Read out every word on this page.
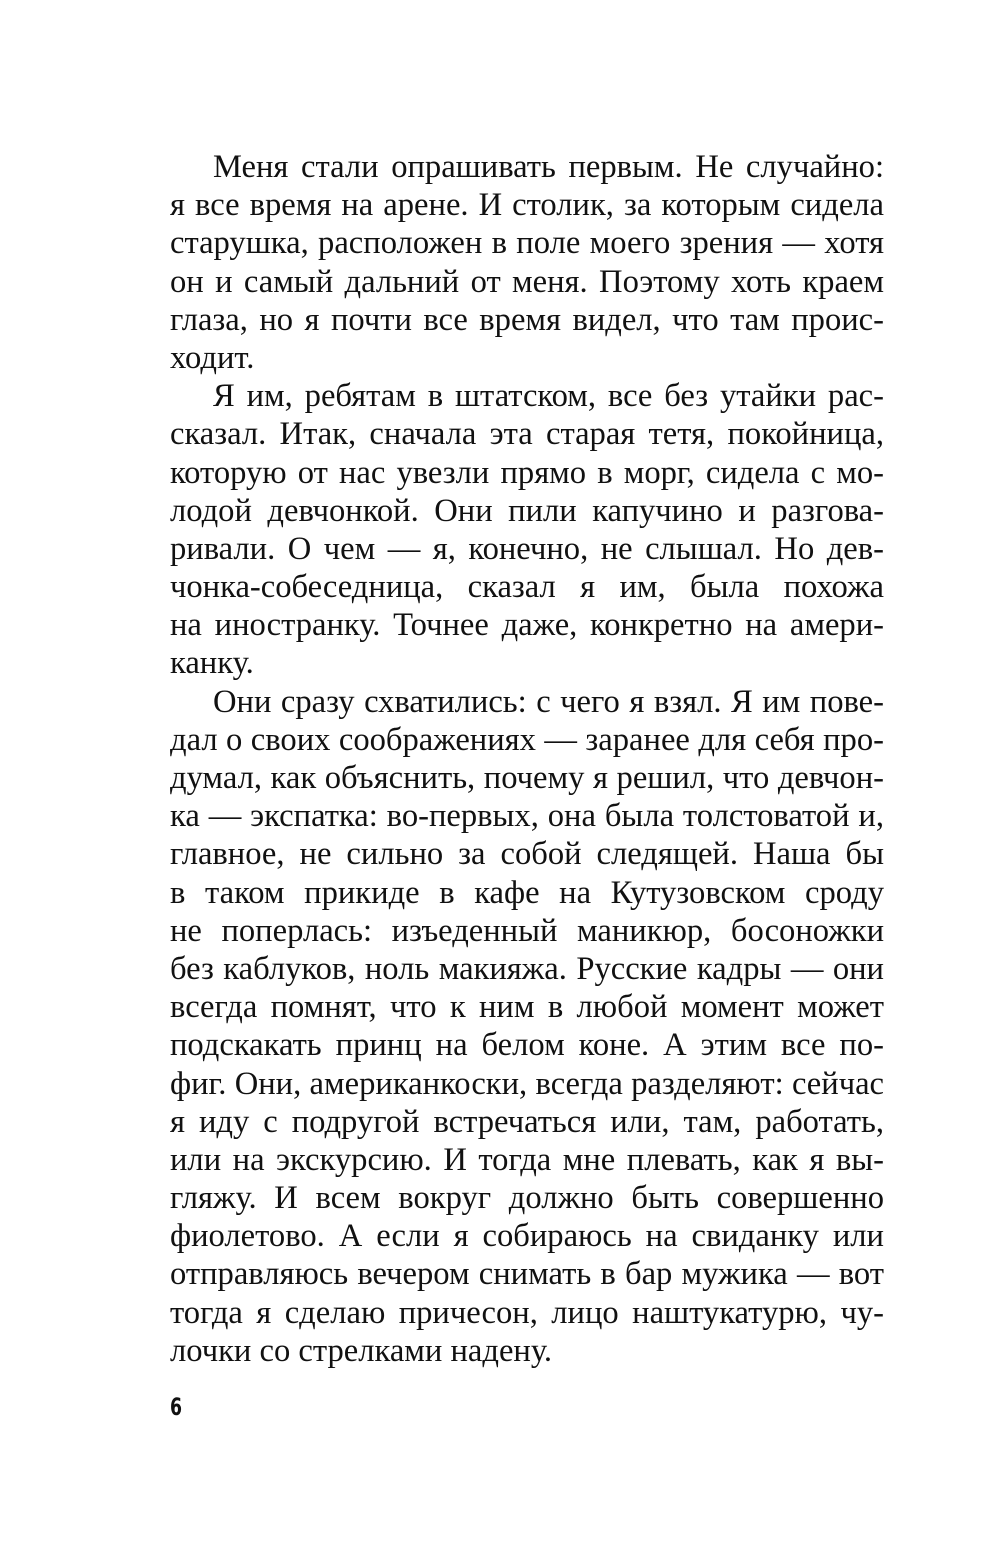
Меня стали опрашивать первым. Не случайно:
я все время на арене. И столик, за которым сидела
старушка, расположен в поле моего зрения — хотя
он и самый дальний от меня. Поэтому хоть краем
глаза, но я почти все время видел, что там проис-
ходит.
Я им, ребятам в штатском, все без утайки рас-
сказал. Итак, сначала эта старая тетя, покойница,
которую от нас увезли прямо в морг, сидела с мо-
лодой девчонкой. Они пили капучино и разгова-
ривали. О чем — я, конечно, не слышал. Но дев-
чонка-собеседница, сказал я им, была похожа
на иностранку. Точнее даже, конкретно на амери-
канку.
Они сразу схватились: с чего я взял. Я им пове-
дал о своих соображениях — заранее для себя про-
думал, как объяснить, почему я решил, что девчон-
ка — экспатка: во-первых, она была толстоватой и,
главное, не сильно за собой следящей. Наша бы
в таком прикиде в кафе на Кутузовском сроду
не поперлась: изъеденный маникюр, босоножки
без каблуков, ноль макияжа. Русские кадры — они
всегда помнят, что к ним в любой момент может
подскакать принц на белом коне. А этим все по-
фиг. Они, американкоски, всегда разделяют: сейчас
я иду с подругой встречаться или, там, работать,
или на экскурсию. И тогда мне плевать, как я вы-
гляжу. И всем вокруг должно быть совершенно
фиолетово. А если я собираюсь на свиданку или
отправляюсь вечером снимать в бар мужика — вот
тогда я сделаю причесон, лицо наштукатурю, чу-
лочки со стрелками надену.
6
